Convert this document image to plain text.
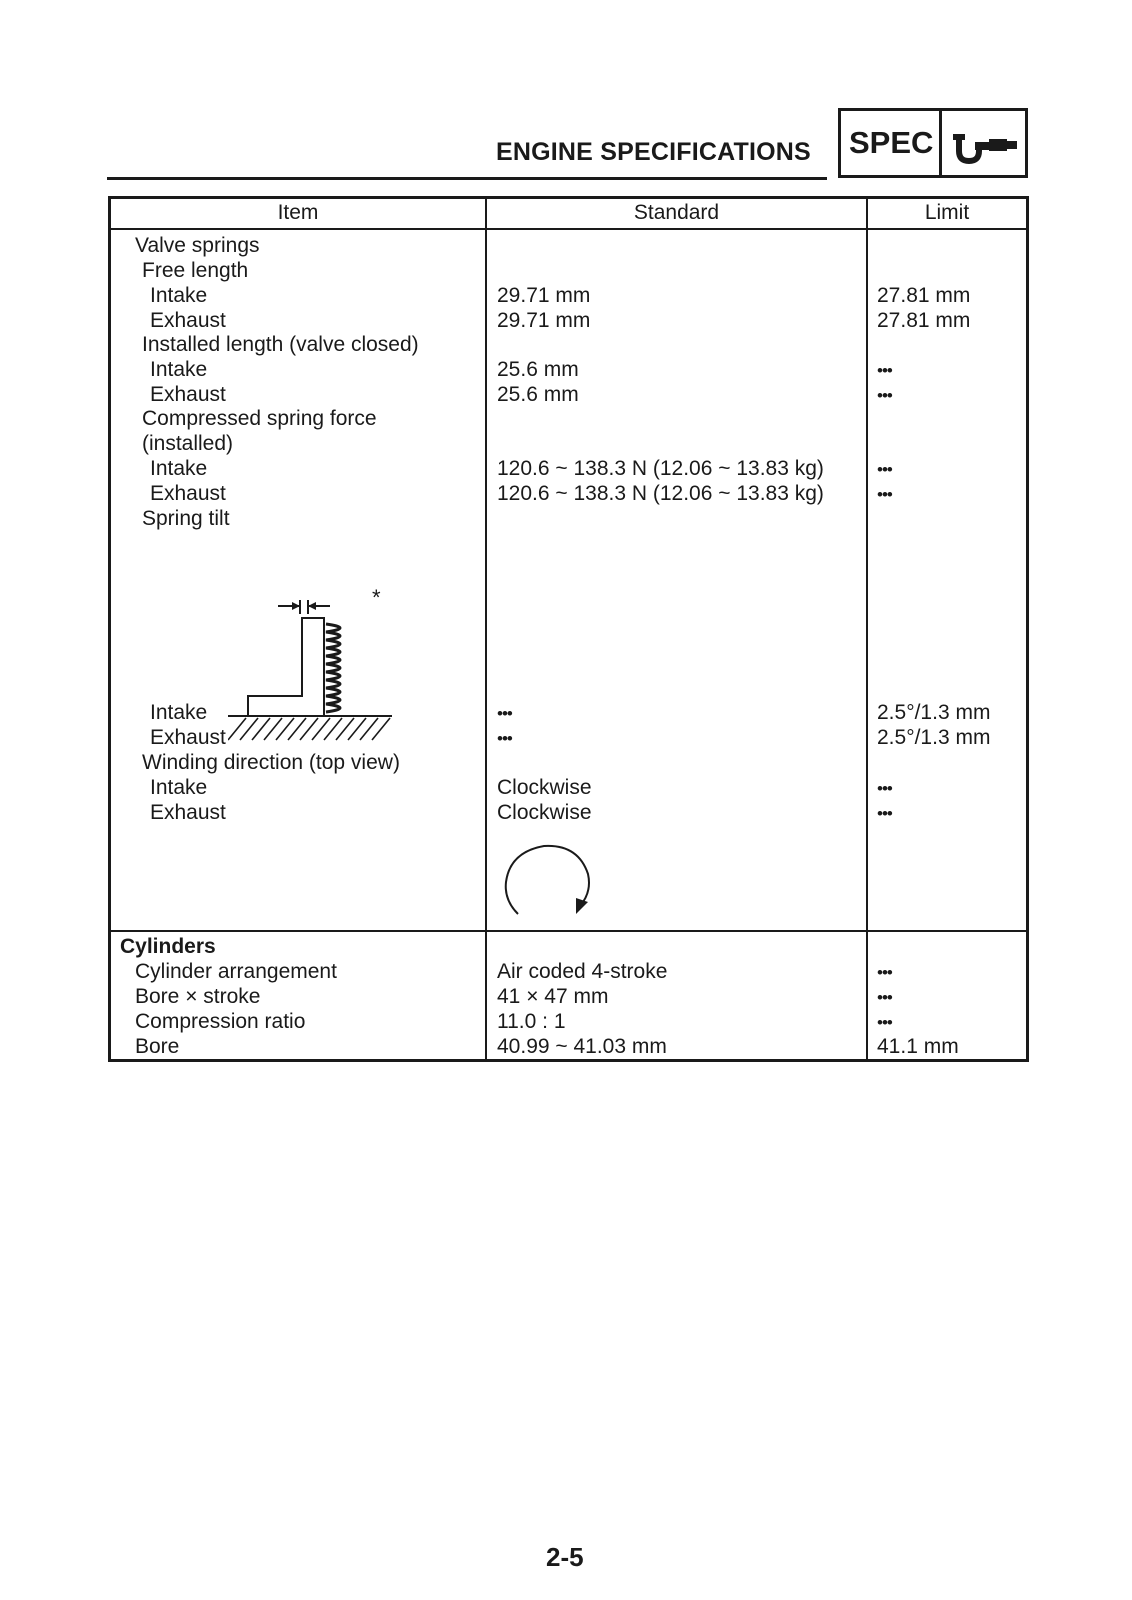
ENGINE SPECIFICATIONS SPEC
Item	Standard	Limit
Valve springs
Free length
Intake	29.71 mm	27.81 mm
Exhaust	29.71 mm	27.81 mm
Installed length (valve closed)
Intake	25.6 mm	•••
Exhaust	25.6 mm	•••
Compressed spring force
(installed)
Intake	120.6 ~ 138.3 N (12.06 ~ 13.83 kg)	•••
Exhaust	120.6 ~ 138.3 N (12.06 ~ 13.83 kg)	•••
Spring tilt
*
Intake	•••	2.5°/1.3 mm
Exhaust	•••	2.5°/1.3 mm
Winding direction (top view)
Intake	Clockwise	•••
Exhaust	Clockwise	•••
Cylinders
Cylinder arrangement	Air coded 4-stroke	•••
Bore × stroke	41 × 47 mm	•••
Compression ratio	11.0 : 1	•••
Bore	40.99 ~ 41.03 mm	41.1 mm
2-5
